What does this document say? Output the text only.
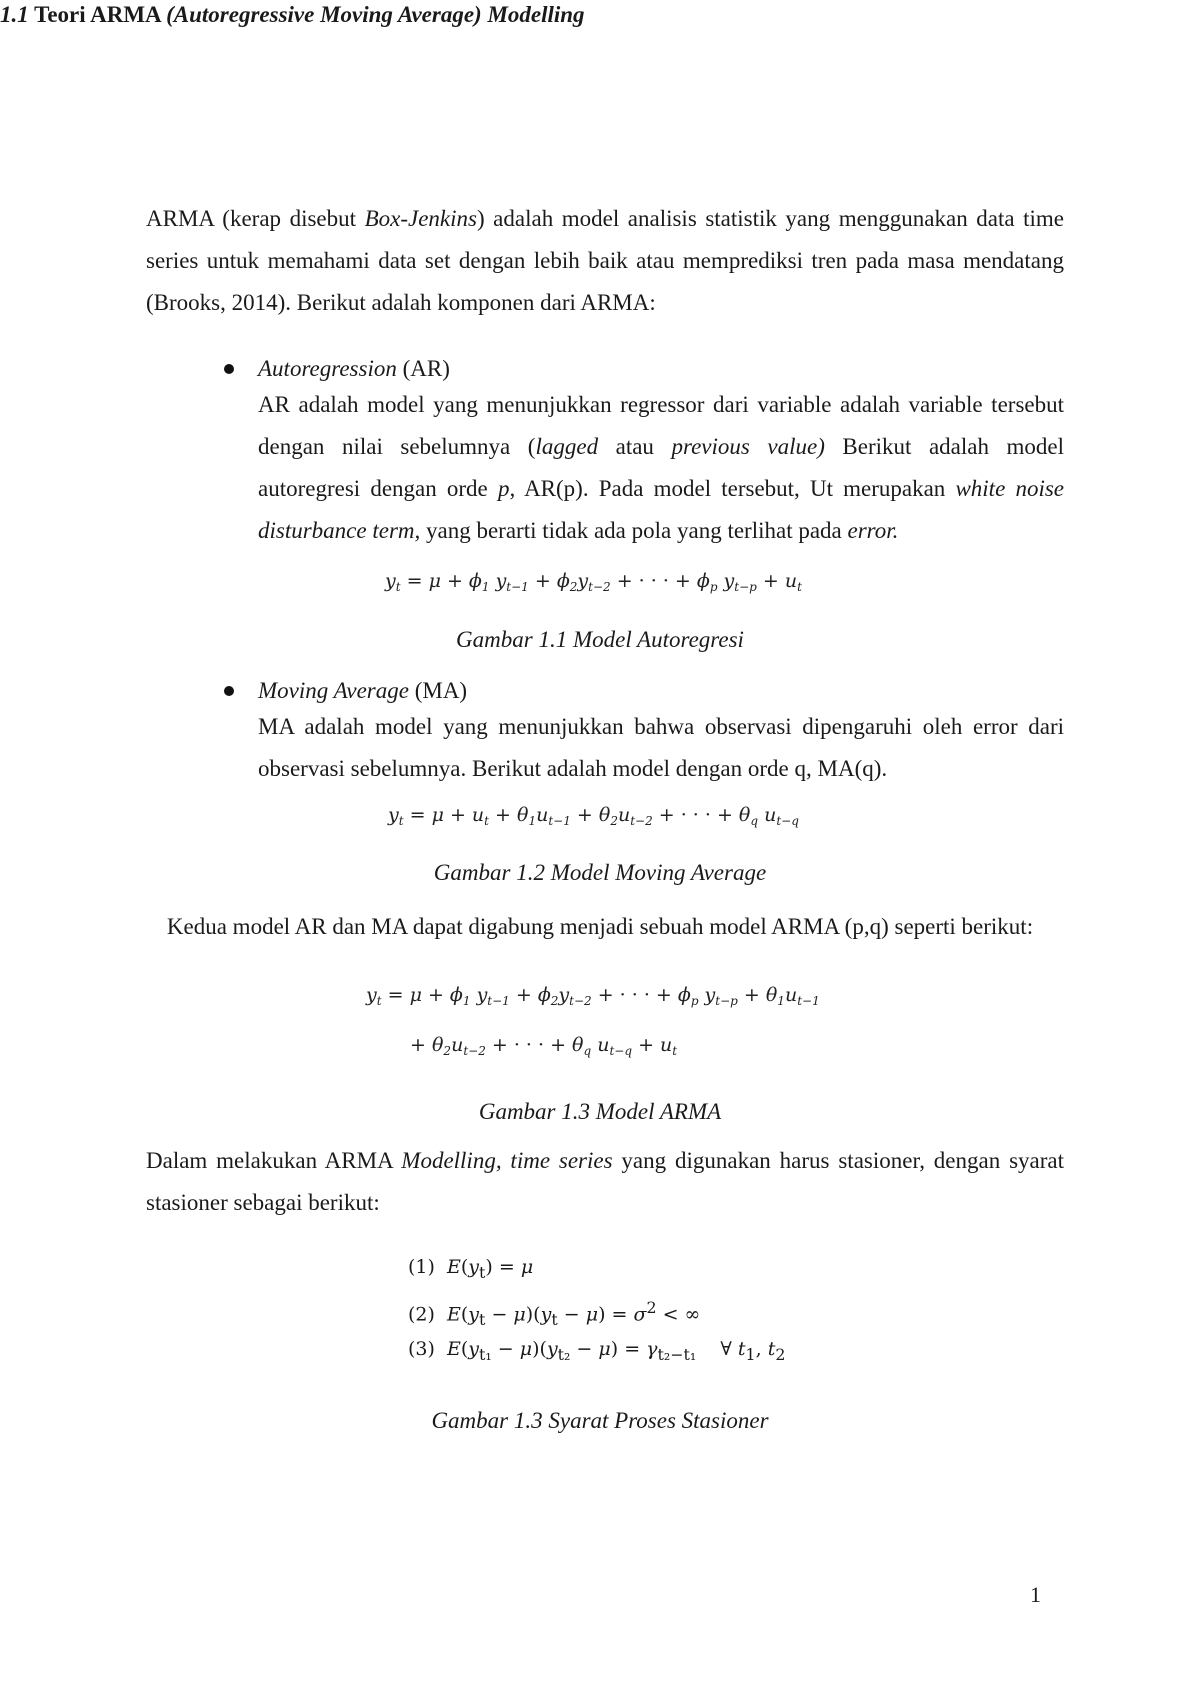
1.1 Teori ARMA (Autoregressive Moving Average) Modelling

ARMA (kerap disebut Box-Jenkins) adalah model analisis statistik yang menggunakan data time series untuk memahami data set dengan lebih baik atau memprediksi tren pada masa mendatang (Brooks, 2014). Berikut adalah komponen dari ARMA:

Autoregression (AR)

AR adalah model yang menunjukkan regressor dari variable adalah variable tersebut dengan nilai sebelumnya (lagged atau previous value) Berikut adalah model autoregresi dengan orde p, AR(p). Pada model tersebut, Ut merupakan white noise disturbance term, yang berarti tidak ada pola yang terlihat pada error.

$y_t = \mu + \phi_1$ $y_{t-1} + \phi_2y_{t-2}$ + · · · + $\phi_p$ $y_{t-p} + u_t$
Gambar 1.1 Model Autoregresi
Moving Average (MA)

MA adalah model yang menunjukkan bahwa observasi dipengaruhi oleh error dari observasi sebelumnya. Berikut adalah model dengan orde q, MA(q).

$y_t = \mu + u_t + \theta_1u_{t-1} + \theta_2u_{t-2}$ + · · · + $\theta_q$ $u_{t-q}$
Gambar 1.2 Model Moving Average
Kedua model AR dan MA dapat digabung menjadi sebuah model ARMA (p,q) seperti berikut:
$y_t = \mu + \phi_1$ $y_{t-1} + \phi_2y_{t-2}$ + · · · + $\phi_p$ $y_{t-p} + \theta_1u_{t-1}$
+ $\theta_2u_{t-2}$ + · · · + $\theta_q$ $u_{t-q} + u_t$
Gambar 1.3 Model ARMA

Dalam melakukan ARMA Modelling, time series yang digunakan harus stasioner, dengan syarat stasioner sebagai berikut:

(1)  $E(y_t) = \mu$
(2)  $E(y_t - \mu)(y_t - \mu) = \sigma^2$ < ∞
(3)  $E(y_{t_1} - \mu)(y_{t_2} - \mu) = \gamma_{t_2-t_1}$    ∀ $t_1$, $t_2$
Gambar 1.3 Syarat Proses Stasioner
1
